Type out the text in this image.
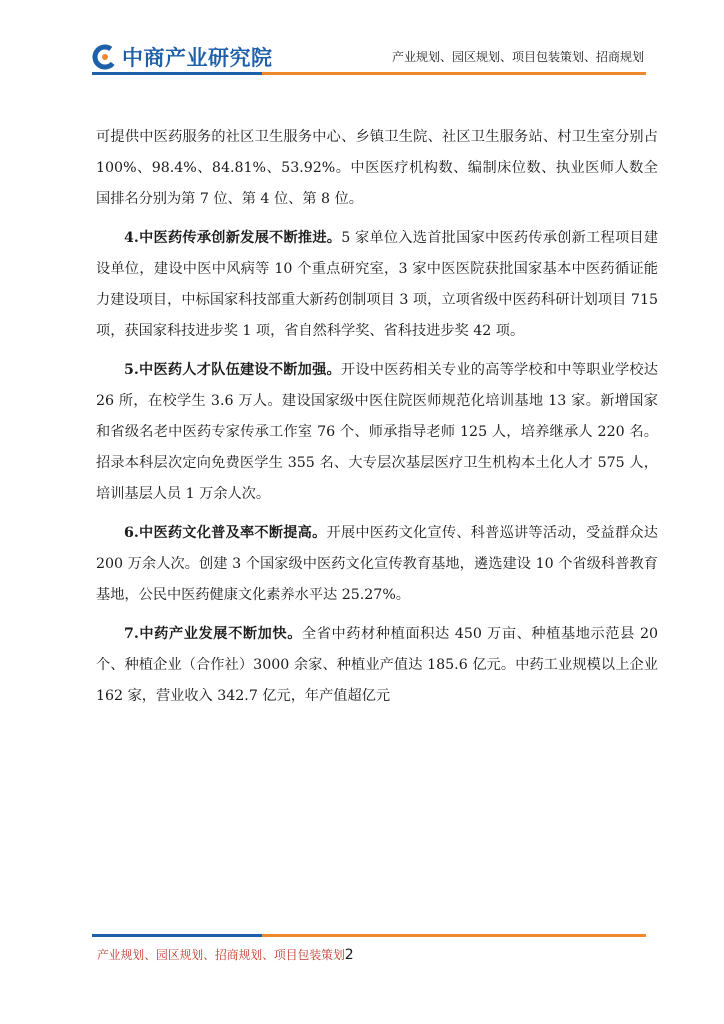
中商产业研究院	产业规划、园区规划、项目包装策划、招商规划

可提供中医药服务的社区卫生服务中心、乡镇卫生院、社区卫生服务站、村卫生室分别占 100%、98.4%、84.81%、53.92%。中医医疗机构数、编制床位数、执业医师人数全国排名分别为第 7 位、第 4 位、第 8 位。

4.中医药传承创新发展不断推进。5 家单位入选首批国家中医药传承创新工程项目建设单位，建设中医中风病等 10 个重点研究室，3 家中医医院获批国家基本中医药循证能力建设项目，中标国家科技部重大新药创制项目 3 项，立项省级中医药科研计划项目 715 项，获国家科技进步奖 1 项，省自然科学奖、省科技进步奖 42 项。

5.中医药人才队伍建设不断加强。开设中医药相关专业的高等学校和中等职业学校达 26 所，在校学生 3.6 万人。建设国家级中医住院医师规范化培训基地 13 家。新增国家和省级名老中医药专家传承工作室 76 个、师承指导老师 125 人，培养继承人 220 名。招录本科层次定向免费医学生 355 名、大专层次基层医疗卫生机构本土化人才 575 人，培训基层人员 1 万余人次。

6.中医药文化普及率不断提高。开展中医药文化宣传、科普巡讲等活动，受益群众达 200 万余人次。创建 3 个国家级中医药文化宣传教育基地，遴选建设 10 个省级科普教育基地，公民中医药健康文化素养水平达 25.27%。

7.中药产业发展不断加快。全省中药材种植面积达 450 万亩、种植基地示范县 20 个、种植企业（合作社）3000 余家、种植业产值达 185.6 亿元。中药工业规模以上企业 162 家，营业收入 342.7 亿元，年产值超亿元

产业规划、园区规划、招商规划、项目包装策划2
